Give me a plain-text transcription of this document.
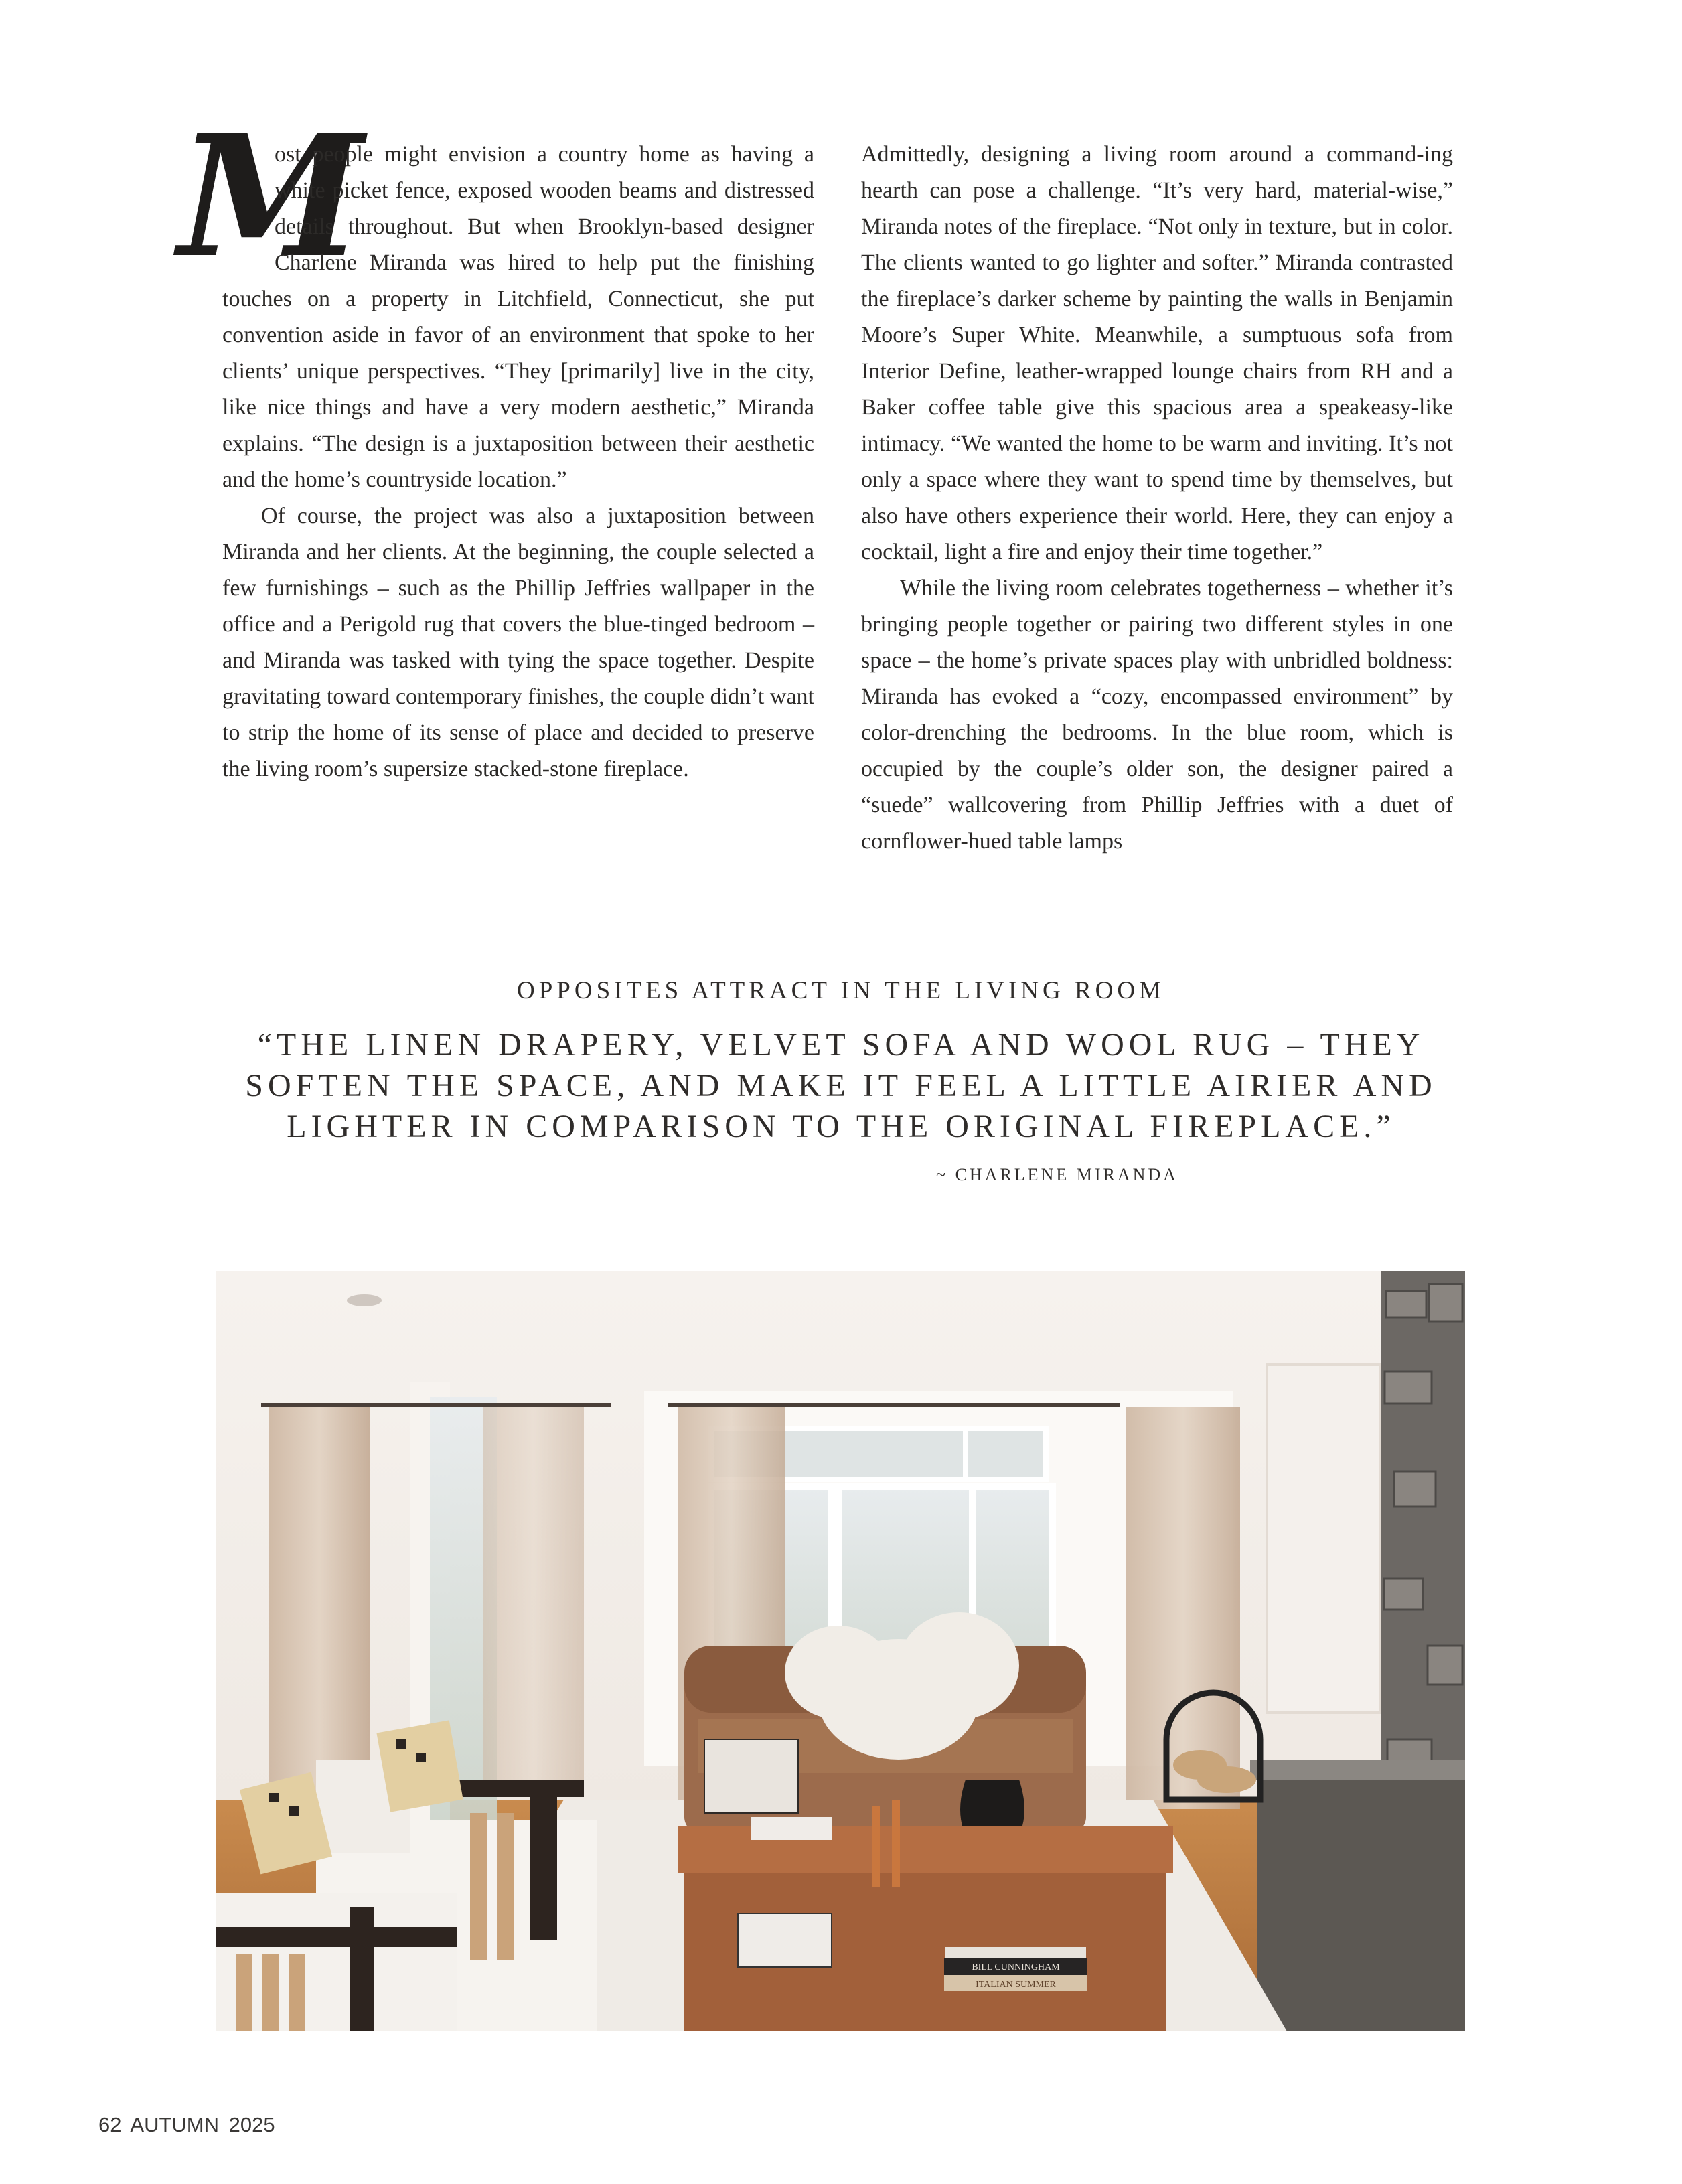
M
ost people might envision a country home as having a white picket fence, exposed wooden beams and distressed details throughout. But when Brooklyn-based designer Charlene Miranda was hired to help put the finishing touches on a property in Litchfield, Connecticut, she put convention aside in favor of an environment that spoke to her clients’ unique perspectives. “They [primarily] live in the city, like nice things and have a very modern aesthetic,” Miranda explains. “The design is a juxtaposition between their aesthetic and the home’s countryside location.”

Of course, the project was also a juxtaposition between Miranda and her clients. At the beginning, the couple selected a few furnishings – such as the Phillip Jeffries wallpaper in the office and a Perigold rug that covers the blue-tinged bedroom – and Miranda was tasked with tying the space together. Despite gravitating toward contemporary finishes, the couple didn’t want to strip the home of its sense of place and decided to preserve the living room’s supersize stacked-stone fireplace.

Admittedly, designing a living room around a command-ing hearth can pose a challenge. “It’s very hard, material-wise,” Miranda notes of the fireplace. “Not only in texture, but in color. The clients wanted to go lighter and softer.” Miranda contrasted the fireplace’s darker scheme by painting the walls in Benjamin Moore’s Super White. Meanwhile, a sumptuous sofa from Interior Define, leather-wrapped lounge chairs from RH and a Baker coffee table give this spacious area a speakeasy-like intimacy. “We wanted the home to be warm and inviting. It’s not only a space where they want to spend time by themselves, but also have others experience their world. Here, they can enjoy a cocktail, light a fire and enjoy their time together.”

While the living room celebrates togetherness – whether it’s bringing people together or pairing two different styles in one space – the home’s private spaces play with unbridled boldness: Miranda has evoked a “cozy, encompassed environment” by color-drenching the bedrooms. In the blue room, which is occupied by the couple’s older son, the designer paired a “suede” wallcovering from Phillip Jeffries with a duet of cornflower-hued table lamps

OPPOSITES ATTRACT IN THE LIVING ROOM
“THE LINEN DRAPERY, VELVET SOFA AND WOOL RUG – THEY
SOFTEN THE SPACE, AND MAKE IT FEEL A LITTLE AIRIER AND
LIGHTER IN COMPARISON TO THE ORIGINAL FIREPLACE.”
~ CHARLENE MIRANDA
BILL CUNNINGHAM
ITALIAN SUMMER
62 AUTUMN 2025
